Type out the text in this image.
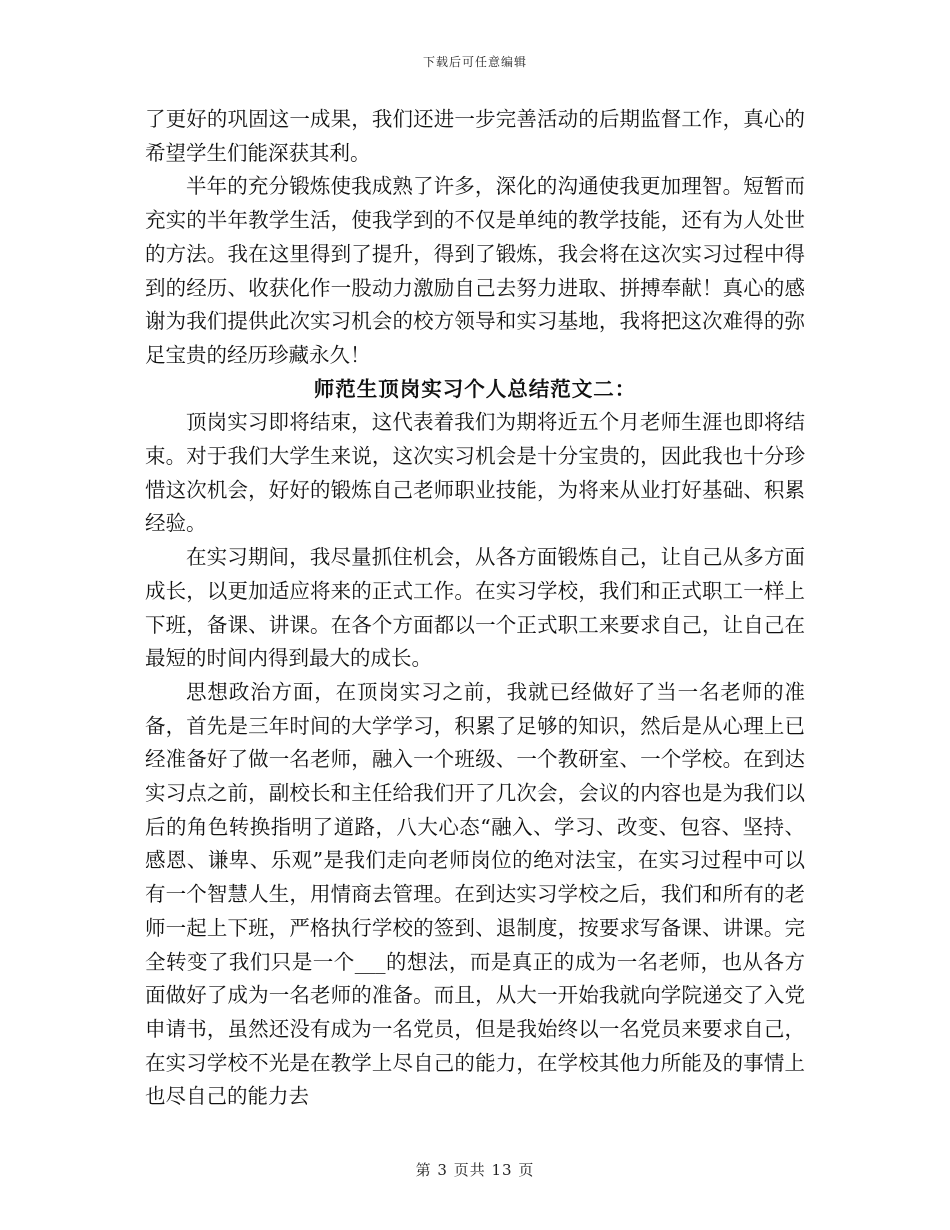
下载后可任意编辑

了更好的巩固这一成果，我们还进一步完善活动的后期监督工作，真心的希望学生们能深获其利。

半年的充分锻炼使我成熟了许多，深化的沟通使我更加理智。短暂而充实的半年教学生活，使我学到的不仅是单纯的教学技能，还有为人处世的方法。我在这里得到了提升，得到了锻炼，我会将在这次实习过程中得到的经历、收获化作一股动力激励自己去努力进取、拼搏奉献！真心的感谢为我们提供此次实习机会的校方领导和实习基地，我将把这次难得的弥足宝贵的经历珍藏永久！

师范生顶岗实习个人总结范文二：

顶岗实习即将结束，这代表着我们为期将近五个月老师生涯也即将结束。对于我们大学生来说，这次实习机会是十分宝贵的，因此我也十分珍惜这次机会，好好的锻炼自己老师职业技能，为将来从业打好基础、积累经验。

在实习期间，我尽量抓住机会，从各方面锻炼自己，让自己从多方面成长，以更加适应将来的正式工作。在实习学校，我们和正式职工一样上下班，备课、讲课。在各个方面都以一个正式职工来要求自己，让自己在最短的时间内得到最大的成长。

思想政治方面，在顶岗实习之前，我就已经做好了当一名老师的准备，首先是三年时间的大学学习，积累了足够的知识，然后是从心理上已经准备好了做一名老师，融入一个班级、一个教研室、一个学校。在到达实习点之前，副校长和主任给我们开了几次会，会议的内容也是为我们以后的角色转换指明了道路，八大心态“融入、学习、改变、包容、坚持、感恩、谦卑、乐观”是我们走向老师岗位的绝对法宝，在实习过程中可以有一个智慧人生，用情商去管理。在到达实习学校之后，我们和所有的老师一起上下班，严格执行学校的签到、退制度，按要求写备课、讲课。完全转变了我们只是一个___的想法，而是真正的成为一名老师，也从各方面做好了成为一名老师的准备。而且，从大一开始我就向学院递交了入党申请书，虽然还没有成为一名党员，但是我始终以一名党员来要求自己，在实习学校不光是在教学上尽自己的能力，在学校其他力所能及的事情上也尽自己的能力去

第 3 页共 13 页
